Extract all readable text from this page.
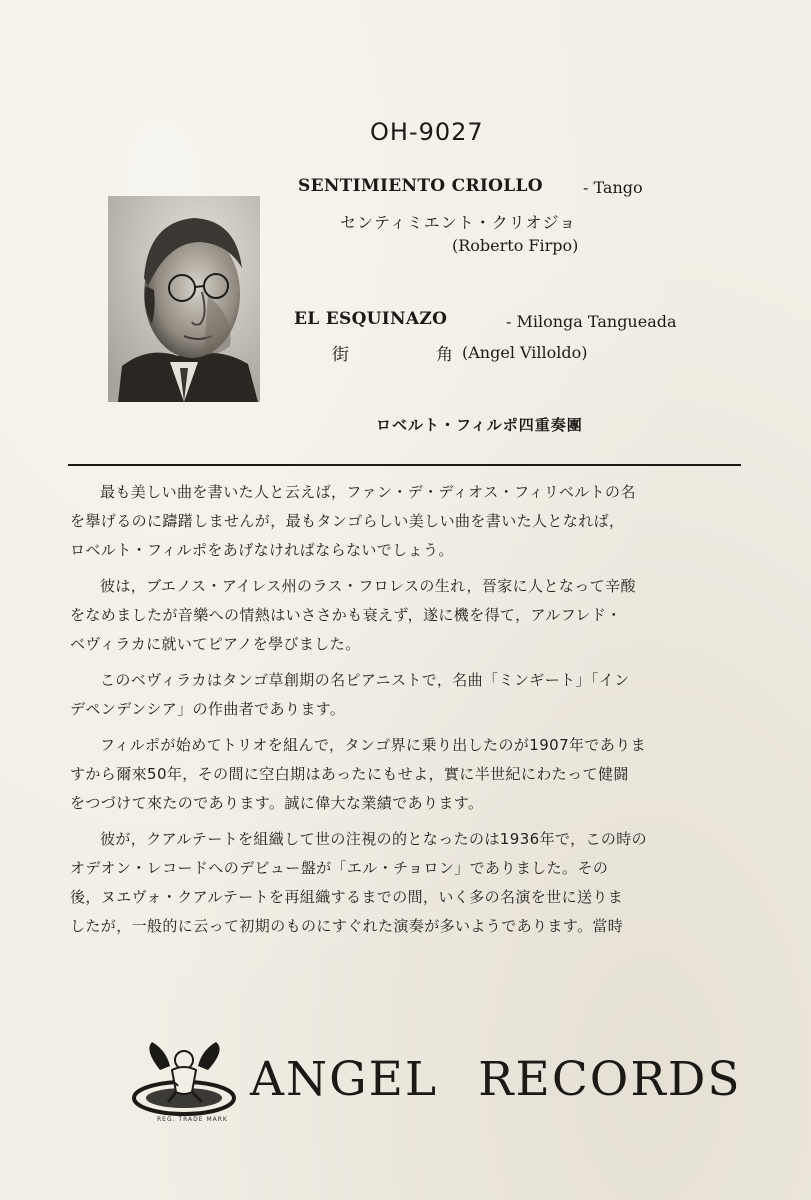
OH-9027
SENTIMIENTO CRIOLLO	- Tango
センティミエント・クリオジョ
(Roberto Firpo)
EL ESQUINAZO	- Milonga Tangueada
街	角 (Angel Villoldo)
ロベルト・フィルポ四重奏團

最も美しい曲を書いた人と云えば，ファン・デ・ディオス・フィリベルトの名

を擧げるのに躊躇しませんが，最もタンゴらしい美しい曲を書いた人となれば，

ロベルト・フィルポをあげなければならないでしょう。

彼は，ブエノス・アイレス州のラス・フロレスの生れ，晉家に人となって辛酸

をなめましたが音樂への情熱はいささかも衰えず，遂に機を得て，アルフレド・

ベヴィラカに就いてピアノを學びました。

このベヴィラカはタンゴ草創期の名ピアニストで，名曲「ミンギート」「イン

デペンデンシア」の作曲者であります。

フィルポが始めてトリオを組んで，タンゴ界に乗り出したのが1907年でありま

すから爾來50年，その間に空白期はあったにもせよ，實に半世紀にわたって健闘

をつづけて來たのであります。誠に偉大な業績であります。

彼が，クアルテートを組織して世の注視の的となったのは1936年で，この時の

オデオン・レコードへのデビュー盤が「エル・チョロン」でありました。その

後，ヌエヴォ・クアルテートを再組織するまでの間，いく多の名演を世に送りま

したが，一般的に云って初期のものにすぐれた演奏が多いようであります。當時

ANGEL RECORDS
REG. TRADE MARK
